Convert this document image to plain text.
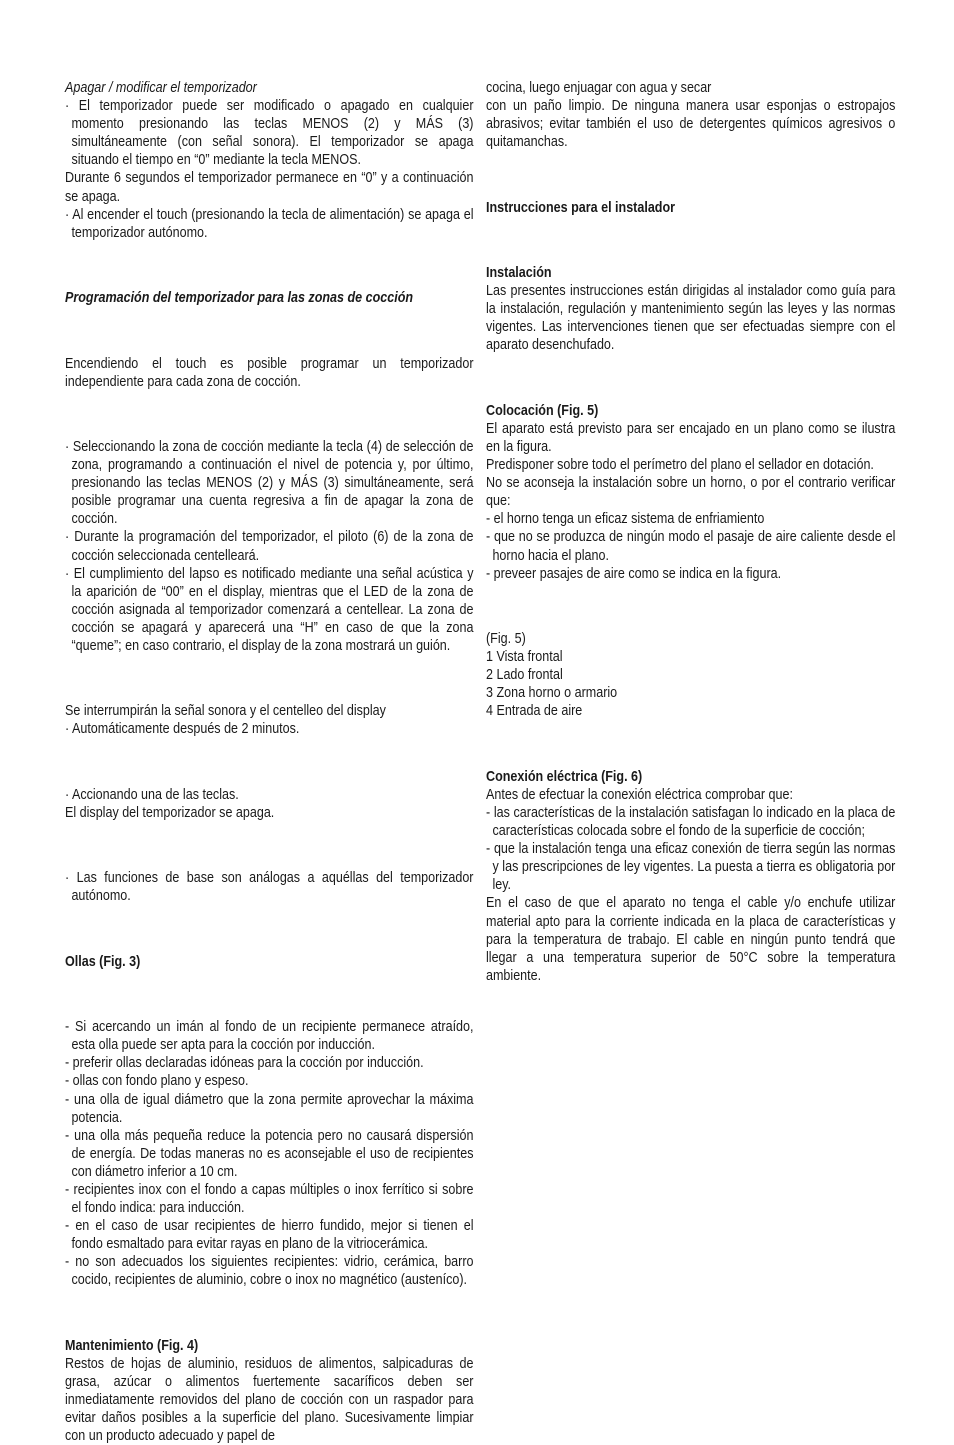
Apagar / modificar el temporizador

· El temporizador puede ser modificado o apagado en cualquier momento presionando las teclas MENOS (2) y MÁS (3) simultáneamente (con señal sonora). El temporizador se apaga situando el tiempo en “0” mediante la tecla MENOS.

Durante 6 segundos el temporizador permanece en “0” y a continuación se apaga.

· Al encender el touch (presionando la tecla de alimentación) se apaga el temporizador autónomo.

Programación del temporizador para las zonas de cocción

Encendiendo el touch es posible programar un temporizador independiente para cada zona de cocción.

· Seleccionando la zona de cocción mediante la tecla (4) de selección de zona, programando a continuación el nivel de potencia y, por último, presionando las teclas MENOS (2) y MÁS (3) simultáneamente, será posible programar una cuenta regresiva a fin de apagar la zona de cocción.

· Durante la programación del temporizador, el piloto (6) de la zona de cocción seleccionada centelleará.

· El cumplimiento del lapso es notificado mediante una señal acústica y la aparición de “00” en el display, mientras que el LED de la zona de cocción asignada al temporizador comenzará a centellear. La zona de cocción se apagará y aparecerá una “H” en caso de que la zona “queme”; en caso contrario, el display de la zona mostrará un guión.

Se interrumpirán la señal sonora y el centelleo del display

· Automáticamente después de 2 minutos.

· Accionando una de las teclas.

El display del temporizador se apaga.

· Las funciones de base son análogas a aquéllas del temporizador autónomo.

Ollas (Fig. 3)

- Si acercando un imán al fondo de un recipiente permanece atraído, esta olla puede ser apta para la cocción por inducción.

- preferir ollas declaradas idóneas para la cocción por inducción.

- ollas con fondo plano y espeso.

- una olla de igual diámetro que la zona permite aprovechar la máxima potencia.

- una olla más pequeña reduce la potencia pero no causará dispersión de energía. De todas maneras no es aconsejable el uso de recipientes con diámetro inferior a 10 cm.

- recipientes inox con el fondo a capas múltiples o inox ferrítico si sobre el fondo indica: para inducción.

- en el caso de usar recipientes de hierro fundido, mejor si tienen el fondo esmaltado para evitar rayas en plano de la vitriocerámica.

- no son adecuados los siguientes recipientes: vidrio, cerámica, barro cocido, recipientes de aluminio, cobre o inox no magnético (austeníco).

Mantenimiento (Fig. 4)

Restos de hojas de aluminio, residuos de alimentos, salpicaduras de grasa, azúcar o alimentos fuertemente sacaríficos deben ser inmediatamente removidos del plano de cocción con un raspador para evitar daños posibles a la superficie del plano. Sucesivamente limpiar con un producto adecuado y papel de

cocina, luego enjuagar con agua y secar

con un paño limpio. De ninguna manera usar esponjas o estropajos abrasivos; evitar también el uso de detergentes químicos agresivos o quitamanchas.

Instrucciones para el instalador

Instalación

Las presentes instrucciones están dirigidas al instalador como guía para la instalación, regulación y mantenimiento según las leyes y las normas vigentes. Las intervenciones tienen que ser efectuadas siempre con el aparato desenchufado.

Colocación (Fig. 5)

El aparato está previsto para ser encajado en un plano como se ilustra en la figura.

Predisponer sobre todo el perímetro del plano el sellador en dotación.

No se aconseja la instalación sobre un horno, o por el contrario verificar que:

- el horno tenga un eficaz sistema de enfriamiento

- que no se produzca de ningún modo el pasaje de aire caliente desde el horno hacia el plano.

- preveer pasajes de aire como se indica en la figura.

(Fig. 5)

1 Vista frontal

2 Lado frontal

3 Zona horno o armario

4 Entrada de aire

Conexión eléctrica (Fig. 6)

Antes de efectuar la conexión eléctrica comprobar que:

- las características de la instalación satisfagan lo indicado en la placa de características colocada sobre el fondo de la superficie de cocción;

- que la instalación tenga una eficaz conexión de tierra según las normas y las prescripciones de ley vigentes. La puesta a tierra es obligatoria por ley.

En el caso de que el aparato no tenga el cable y/o enchufe utilizar material apto para la corriente indicada en la placa de características y para la temperatura de trabajo. El cable en ningún punto tendrá que llegar a una temperatura superior de 50°C sobre la temperatura ambiente.
